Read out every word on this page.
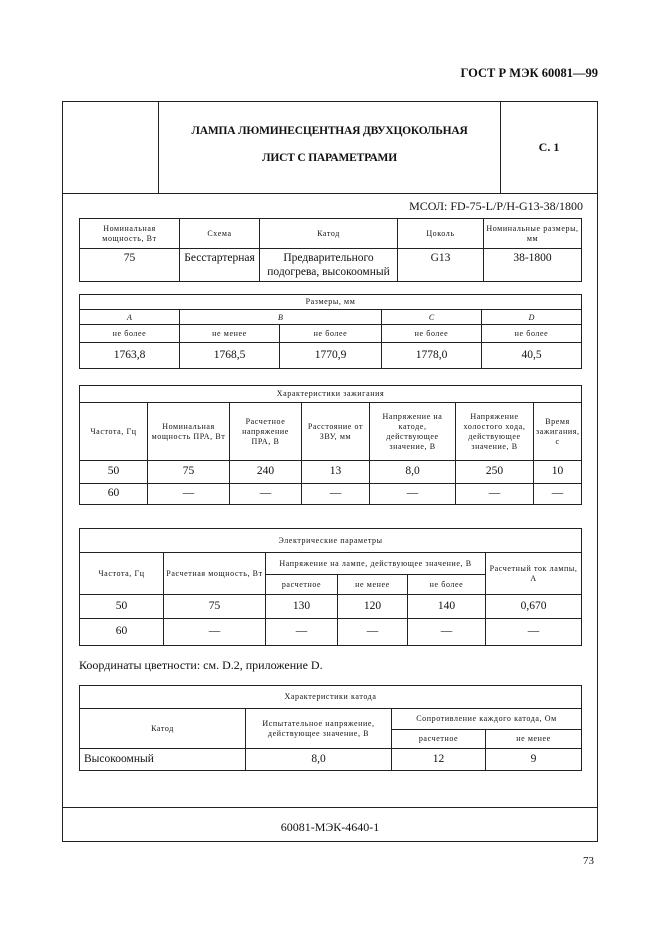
ГОСТ Р МЭК 60081—99
ЛАМПА ЛЮМИНЕСЦЕНТНАЯ ДВУХЦОКОЛЬНАЯ
ЛИСТ С ПАРАМЕТРАМИ
С. 1
МСОЛ: FD-75-L/P/H-G13-38/1800
Номинальная мощность, Вт	Схема	Катод	Цоколь	Номинальные размеры, мм
75	Бесстартерная	Предварительного подогрева, высокоомный	G13	38-1800
Размеры, мм				
A	B		C	D
не более	не менее	не более	не более	не более
1763,8	1768,5	1770,9	1778,0	40,5
Характеристики зажигания						
Частота, Гц	Номинальная мощность ПРА, Вт	Расчетное напряжение ПРА, В	Расстояние от ЗВУ, мм	Напряжение на катоде, действующее значение, В	Напряжение холостого хода, действующее значение, В	Время зажигания, с
50	75	240	13	8,0	250	10
60	—	—	—	—	—	—
Электрические параметры					
Частота, Гц	Расчетная мощность, Вт	Напряжение на лампе, действующее значение, В			Расчетный ток лампы, А
		расчетное	не менее	не более	
50	75	130	120	140	0,670
60	—	—	—	—	—
Координаты цветности: см. D.2, приложение D.
Характеристики катода			
Катод	Испытательное напряжение, действующее значение, В	Сопротивление каждого катода, Ом	
		расчетное	не менее
Высокоомный	8,0	12	9
60081-МЭК-4640-1
73
